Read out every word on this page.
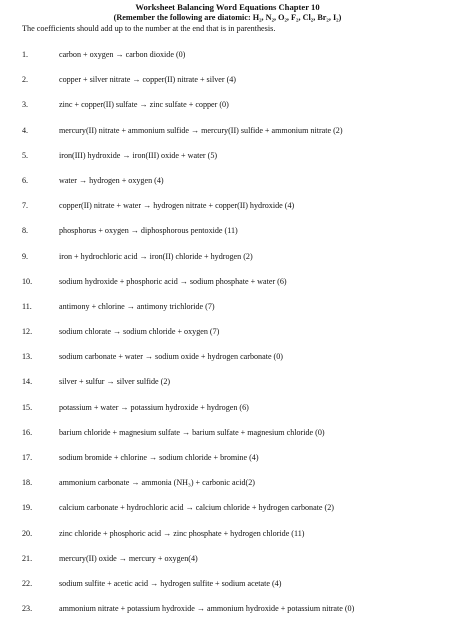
Worksheet Balancing Word Equations Chapter 10
(Remember the following are diatomic: H₂, N₂, O₂, F₂, Cl₂, Br₂, I₂)
The coefficients should add up to the number at the end that is in parenthesis.
1.	carbon + oxygen → carbon dioxide (0)
2.	copper + silver nitrate → copper(II) nitrate + silver (4)
3.	zinc + copper(II) sulfate → zinc sulfate + copper (0)
4.	mercury(II) nitrate + ammonium sulfide → mercury(II) sulfide + ammonium nitrate (2)
5.	iron(III) hydroxide → iron(III) oxide + water (5)
6.	water → hydrogen + oxygen (4)
7.	copper(II) nitrate + water → hydrogen nitrate + copper(II) hydroxide (4)
8.	phosphorus + oxygen → diphosphorous pentoxide (11)
9.	iron + hydrochloric acid → iron(II) chloride + hydrogen (2)
10.	sodium hydroxide + phosphoric acid → sodium phosphate + water (6)
11.	antimony + chlorine → antimony trichloride (7)
12.	sodium chlorate → sodium chloride + oxygen (7)
13.	sodium carbonate + water → sodium oxide + hydrogen carbonate (0)
14.	silver + sulfur → silver sulfide (2)
15.	potassium + water → potassium hydroxide + hydrogen (6)
16.	barium chloride + magnesium sulfate → barium sulfate + magnesium chloride (0)
17.	sodium bromide + chlorine → sodium chloride + bromine (4)
18.	ammonium carbonate → ammonia (NH₃) + carbonic acid(2)
19.	calcium carbonate + hydrochloric acid → calcium chloride + hydrogen carbonate (2)
20.	zinc chloride + phosphoric acid → zinc phosphate + hydrogen chloride (11)
21.	mercury(II) oxide → mercury + oxygen(4)
22.	sodium sulfite + acetic acid → hydrogen sulfite + sodium acetate (4)
23.	ammonium nitrate + potassium hydroxide → ammonium hydroxide + potassium nitrate (0)
